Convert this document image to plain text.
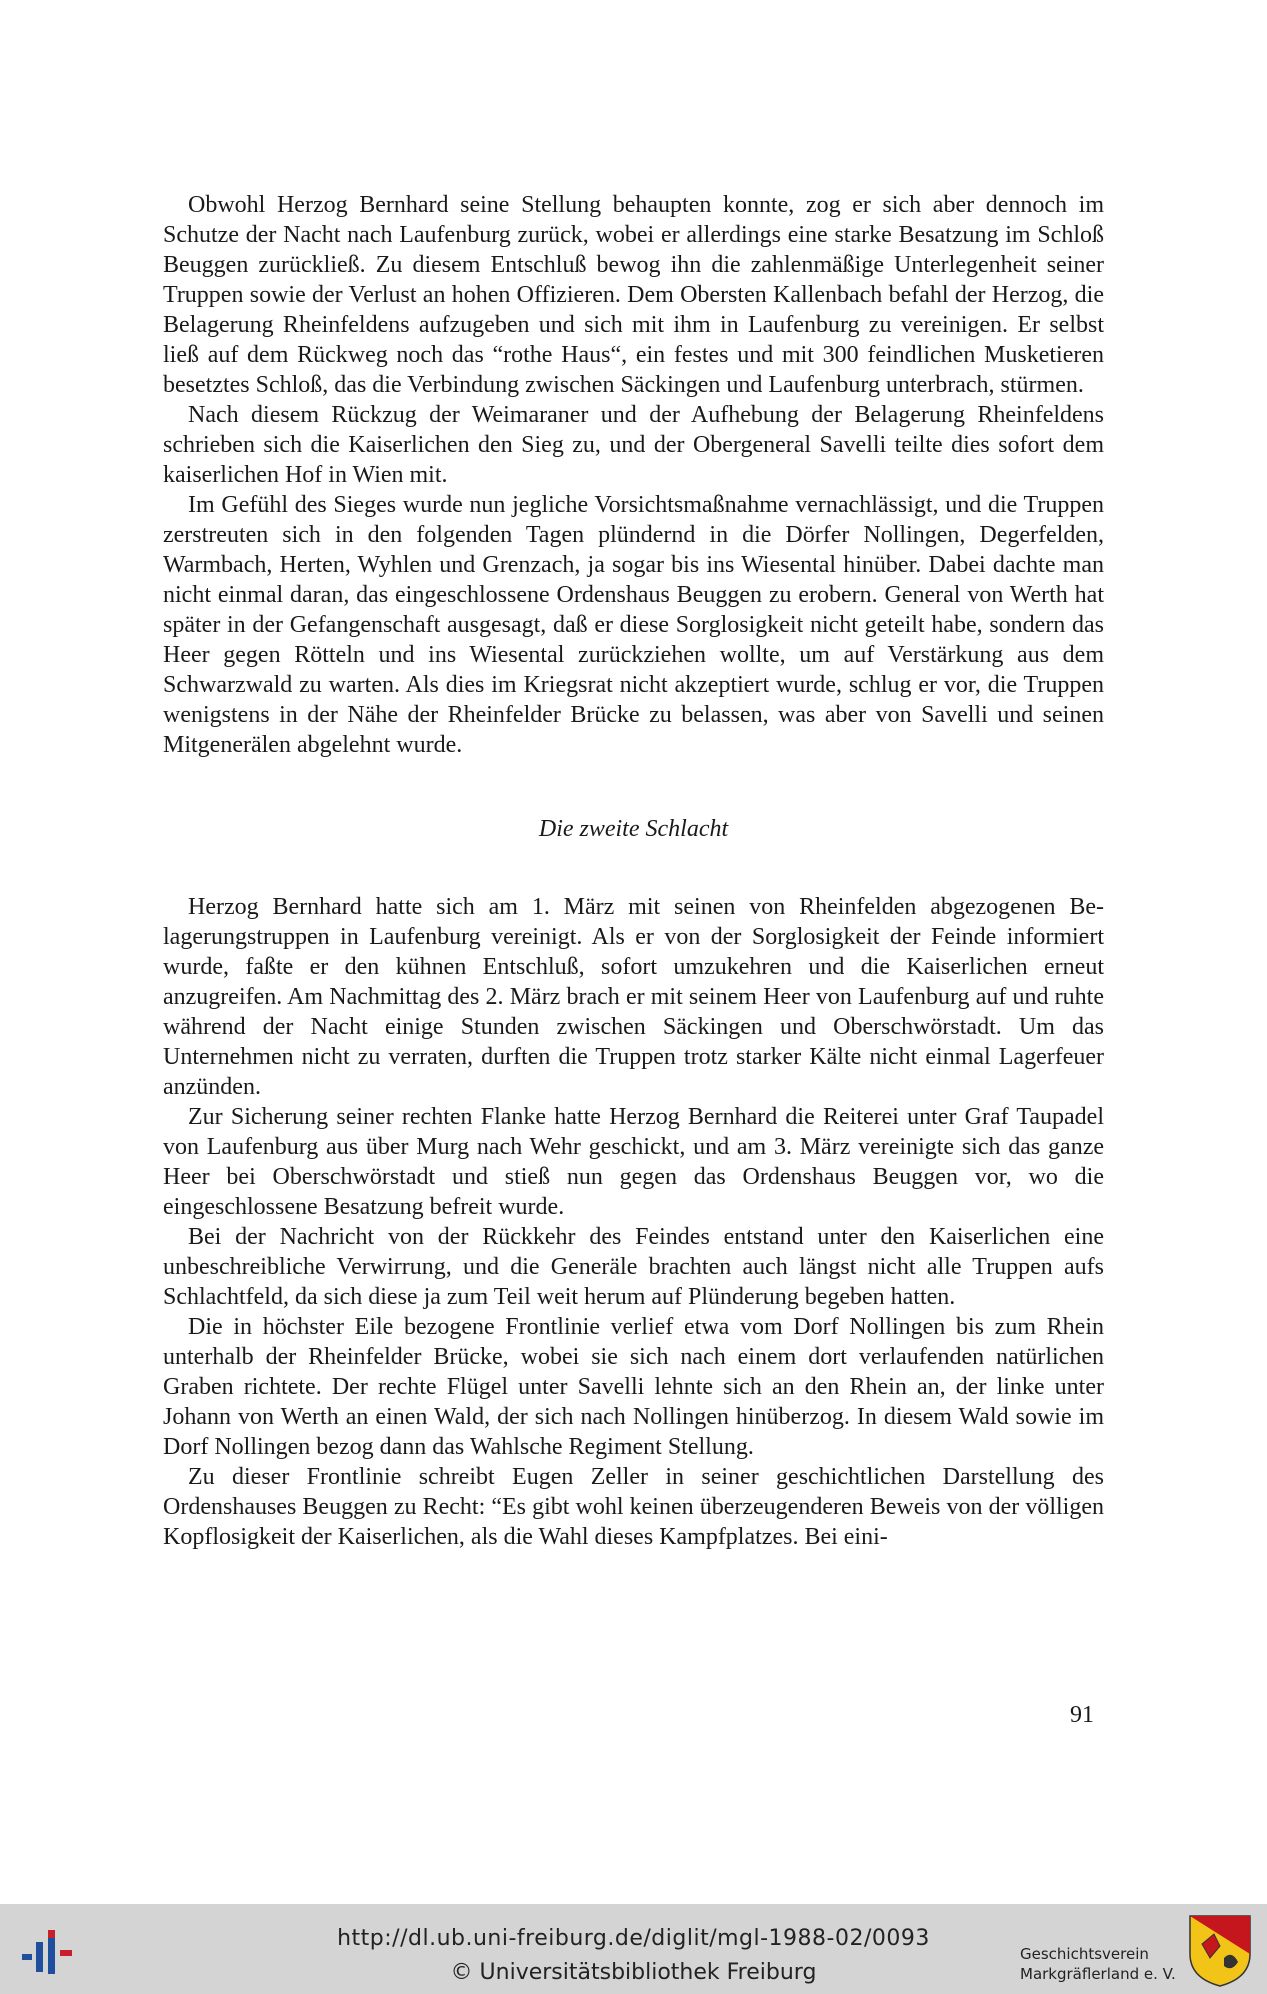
Obwohl Herzog Bernhard seine Stellung behaupten konnte, zog er sich aber dennoch im Schutze der Nacht nach Laufenburg zurück, wobei er allerdings eine starke Besatzung im Schloß Beuggen zurückließ. Zu diesem Entschluß bewog ihn die zahlenmäßige Unterlegenheit seiner Truppen sowie der Verlust an hohen Offizieren. Dem Obersten Kallenbach befahl der Herzog, die Belagerung Rheinfeldens aufzugeben und sich mit ihm in Laufenburg zu vereinigen. Er selbst ließ auf dem Rückweg noch das “rothe Haus“, ein festes und mit 300 feindlichen Musketieren besetztes Schloß, das die Verbindung zwischen Säckingen und Laufenburg unterbrach, stürmen.

Nach diesem Rückzug der Weimaraner und der Aufhebung der Belagerung Rheinfeldens schrieben sich die Kaiserlichen den Sieg zu, und der Obergeneral Savelli teilte dies sofort dem kaiserlichen Hof in Wien mit.

Im Gefühl des Sieges wurde nun jegliche Vorsichtsmaßnahme vernachlässigt, und die Truppen zerstreuten sich in den folgenden Tagen plündernd in die Dörfer Nollingen, Degerfelden, Warmbach, Herten, Wyhlen und Grenzach, ja sogar bis ins Wiesental hinüber. Dabei dachte man nicht einmal daran, das eingeschlossene Ordenshaus Beuggen zu erobern. General von Werth hat später in der Gefangenschaft ausgesagt, daß er diese Sorglosigkeit nicht geteilt habe, sondern das Heer gegen Rötteln und ins Wiesental zurückziehen wollte, um auf Verstärkung aus dem Schwarzwald zu warten. Als dies im Kriegsrat nicht akzeptiert wurde, schlug er vor, die Truppen wenigstens in der Nähe der Rheinfelder Brücke zu belassen, was aber von Savelli und seinen Mitgenerälen abgelehnt wurde.

Die zweite Schlacht

Herzog Bernhard hatte sich am 1. März mit seinen von Rheinfelden abgezogenen Belagerungstruppen in Laufenburg vereinigt. Als er von der Sorglosigkeit der Feinde informiert wurde, faßte er den kühnen Entschluß, sofort umzukehren und die Kaiserlichen erneut anzugreifen. Am Nachmittag des 2. März brach er mit seinem Heer von Laufenburg auf und ruhte während der Nacht einige Stunden zwischen Säckingen und Oberschwörstadt. Um das Unternehmen nicht zu verraten, durften die Truppen trotz starker Kälte nicht einmal Lagerfeuer anzünden.

Zur Sicherung seiner rechten Flanke hatte Herzog Bernhard die Reiterei unter Graf Taupadel von Laufenburg aus über Murg nach Wehr geschickt, und am 3. März vereinigte sich das ganze Heer bei Oberschwörstadt und stieß nun gegen das Ordenshaus Beuggen vor, wo die eingeschlossene Besatzung befreit wurde.

Bei der Nachricht von der Rückkehr des Feindes entstand unter den Kaiserlichen eine unbeschreibliche Verwirrung, und die Generäle brachten auch längst nicht alle Truppen aufs Schlachtfeld, da sich diese ja zum Teil weit herum auf Plünderung begeben hatten.

Die in höchster Eile bezogene Frontlinie verlief etwa vom Dorf Nollingen bis zum Rhein unterhalb der Rheinfelder Brücke, wobei sie sich nach einem dort verlaufenden natürlichen Graben richtete. Der rechte Flügel unter Savelli lehnte sich an den Rhein an, der linke unter Johann von Werth an einen Wald, der sich nach Nollingen hinüberzog. In diesem Wald sowie im Dorf Nollingen bezog dann das Wahlsche Regiment Stellung.

Zu dieser Frontlinie schreibt Eugen Zeller in seiner geschichtlichen Darstellung des Ordenshauses Beuggen zu Recht: “Es gibt wohl keinen überzeugenderen Beweis von der völligen Kopflosigkeit der Kaiserlichen, als die Wahl dieses Kampfplatzes. Bei eini-

91
http://dl.ub.uni-freiburg.de/diglit/mgl-1988-02/0093
© Universitätsbibliothek Freiburg
Geschichtsverein
Markgräflerland e. V.
